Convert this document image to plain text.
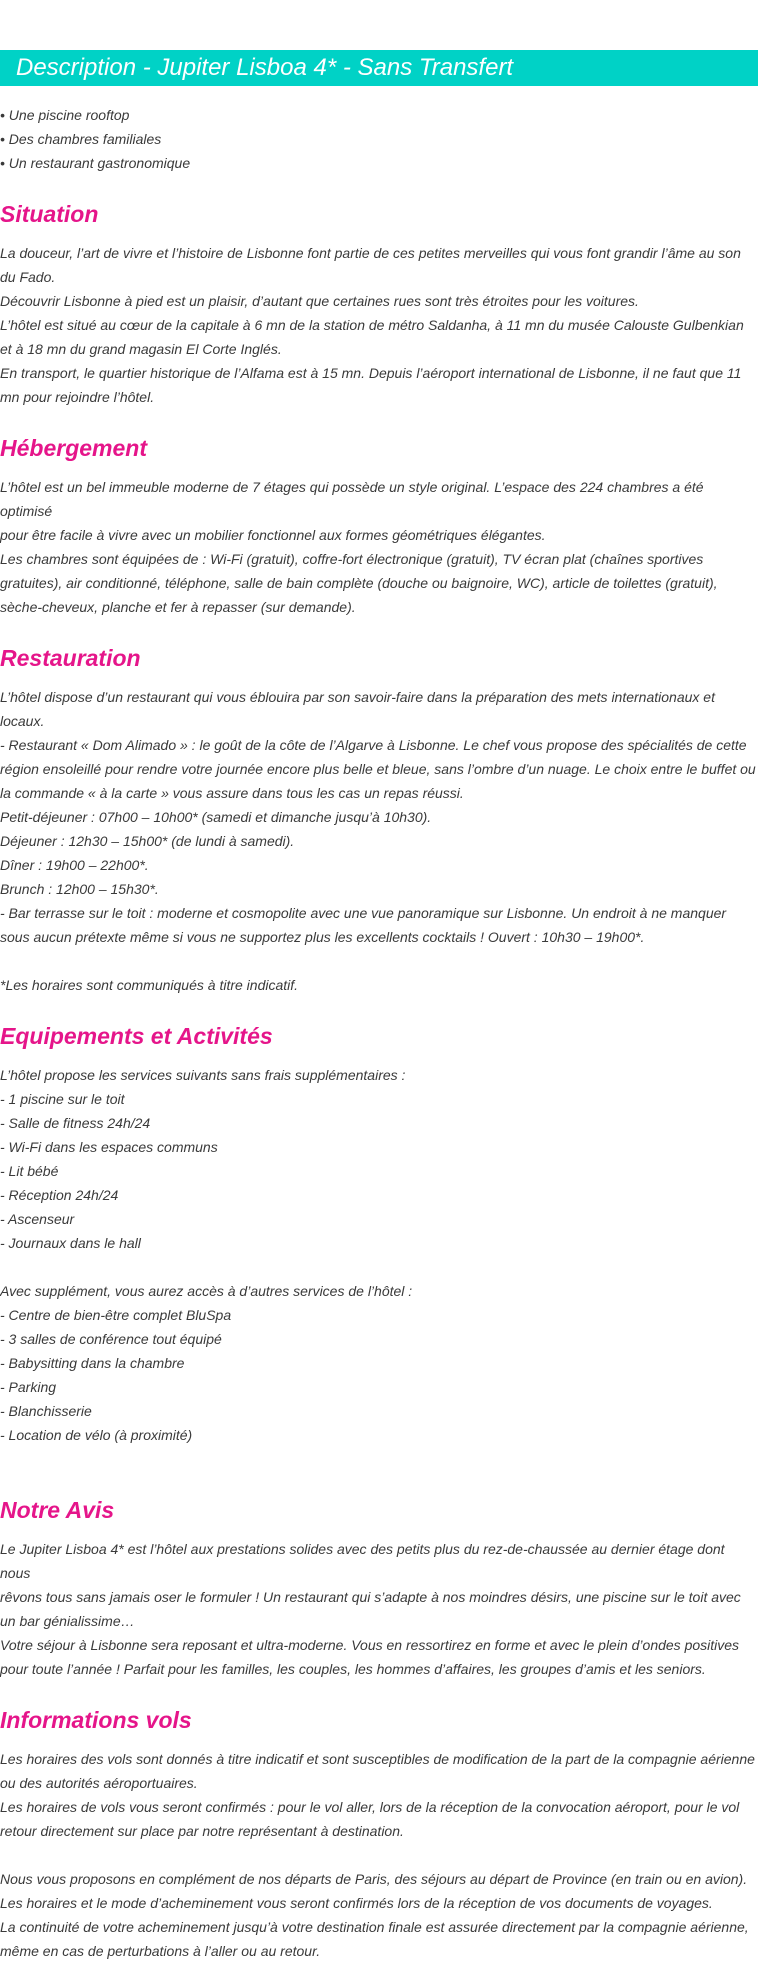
Description - Jupiter Lisboa 4* - Sans Transfert

• Une piscine rooftop

• Des chambres familiales

• Un restaurant gastronomique

Situation

La douceur, l’art de vivre et l’histoire de Lisbonne font partie de ces petites merveilles qui vous font grandir l’âme au son

du Fado.

Découvrir Lisbonne à pied est un plaisir, d’autant que certaines rues sont très étroites pour les voitures.

L’hôtel est situé au cœur de la capitale à 6 mn de la station de métro Saldanha, à 11 mn du musée Calouste Gulbenkian

et à 18 mn du grand magasin El Corte Inglés.

En transport, le quartier historique de l’Alfama est à 15 mn. Depuis l’aéroport international de Lisbonne, il ne faut que 11

mn pour rejoindre l’hôtel.

Hébergement

L’hôtel est un bel immeuble moderne de 7 étages qui possède un style original. L’espace des 224 chambres a été optimisé

pour être facile à vivre avec un mobilier fonctionnel aux formes géométriques élégantes.

Les chambres sont équipées de : Wi-Fi (gratuit), coffre-fort électronique (gratuit), TV écran plat (chaînes sportives

gratuites), air conditionné, téléphone, salle de bain complète (douche ou baignoire, WC), article de toilettes (gratuit),

sèche-cheveux, planche et fer à repasser (sur demande).

Restauration

L’hôtel dispose d’un restaurant qui vous éblouira par son savoir-faire dans la préparation des mets internationaux et

locaux.

- Restaurant « Dom Alimado » : le goût de la côte de l’Algarve à Lisbonne. Le chef vous propose des spécialités de cette

région ensoleillé pour rendre votre journée encore plus belle et bleue, sans l’ombre d’un nuage. Le choix entre le buffet ou

la commande « à la carte » vous assure dans tous les cas un repas réussi.

Petit-déjeuner : 07h00 – 10h00* (samedi et dimanche jusqu’à 10h30).

Déjeuner : 12h30 – 15h00* (de lundi à samedi).

Dîner : 19h00 – 22h00*.

Brunch : 12h00 – 15h30*.

- Bar terrasse sur le toit : moderne et cosmopolite avec une vue panoramique sur Lisbonne. Un endroit à ne manquer

sous aucun prétexte même si vous ne supportez plus les excellents cocktails ! Ouvert : 10h30 – 19h00*.

*Les horaires sont communiqués à titre indicatif.

Equipements et Activités

L’hôtel propose les services suivants sans frais supplémentaires :

- 1 piscine sur le toit

- Salle de fitness 24h/24

- Wi-Fi dans les espaces communs

- Lit bébé

- Réception 24h/24

- Ascenseur

- Journaux dans le hall

Avec supplément, vous aurez accès à d’autres services de l’hôtel :

- Centre de bien-être complet BluSpa

- 3 salles de conférence tout équipé

- Babysitting dans la chambre

- Parking

- Blanchisserie

- Location de vélo (à proximité)

Notre Avis

Le Jupiter Lisboa 4* est l’hôtel aux prestations solides avec des petits plus du rez-de-chaussée au dernier étage dont nous

rêvons tous sans jamais oser le formuler ! Un restaurant qui s’adapte à nos moindres désirs, une piscine sur le toit avec

un bar génialissime…

Votre séjour à Lisbonne sera reposant et ultra-moderne. Vous en ressortirez en forme et avec le plein d’ondes positives

pour toute l’année ! Parfait pour les familles, les couples, les hommes d’affaires, les groupes d’amis et les seniors.

Informations vols

Les horaires des vols sont donnés à titre indicatif et sont susceptibles de modification de la part de la compagnie aérienne

ou des autorités aéroportuaires.

Les horaires de vols vous seront confirmés : pour le vol aller, lors de la réception de la convocation aéroport, pour le vol

retour directement sur place par notre représentant à destination.

Nous vous proposons en complément de nos départs de Paris, des séjours au départ de Province (en train ou en avion).

Les horaires et le mode d’acheminement vous seront confirmés lors de la réception de vos documents de voyages.

La continuité de votre acheminement jusqu’à votre destination finale est assurée directement par la compagnie aérienne,

même en cas de perturbations à l’aller ou au retour.
